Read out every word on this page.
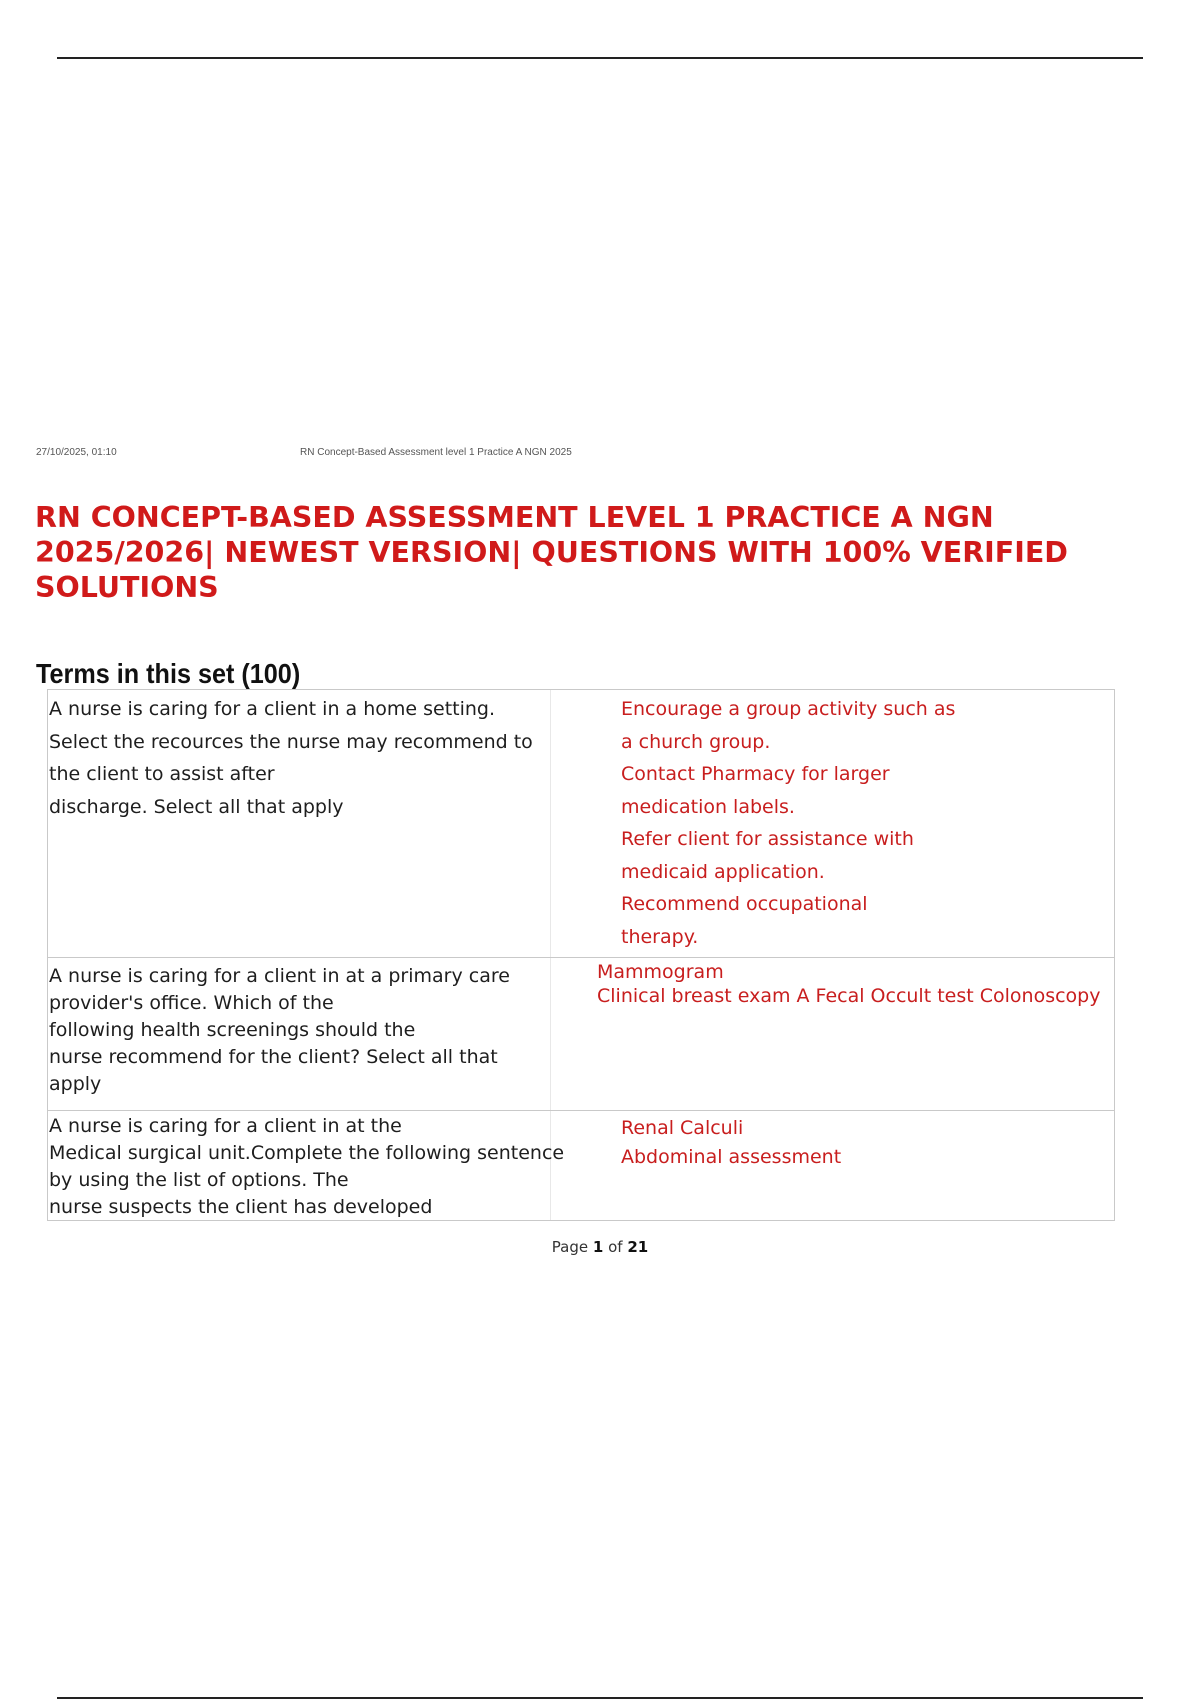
27/10/2025, 01:10	RN Concept-Based Assessment level 1 Practice A NGN 2025
RN CONCEPT-BASED ASSESSMENT LEVEL 1 PRACTICE A NGN
2025/2026| NEWEST VERSION| QUESTIONS WITH 100% VERIFIED
SOLUTIONS
Terms in this set (100)
A nurse is caring for a client in a home setting.
Select the recources the nurse may recommend to
the client to assist after
discharge. Select all that apply
Encourage a group activity such as
a church group.
Contact Pharmacy for larger
medication labels.
Refer client for assistance with
medicaid application.
Recommend occupational
therapy.
A nurse is caring for a client in at a primary care
provider's office. Which of the
following health screenings should the
nurse recommend for the client? Select all that
apply
Mammogram
Clinical breast exam A Fecal Occult test Colonoscopy
A nurse is caring for a client in at the
Medical surgical unit.Complete the following sentence
by using the list of options. The
nurse suspects the client has developed
Renal Calculi
Abdominal assessment
Page 1 of 21
